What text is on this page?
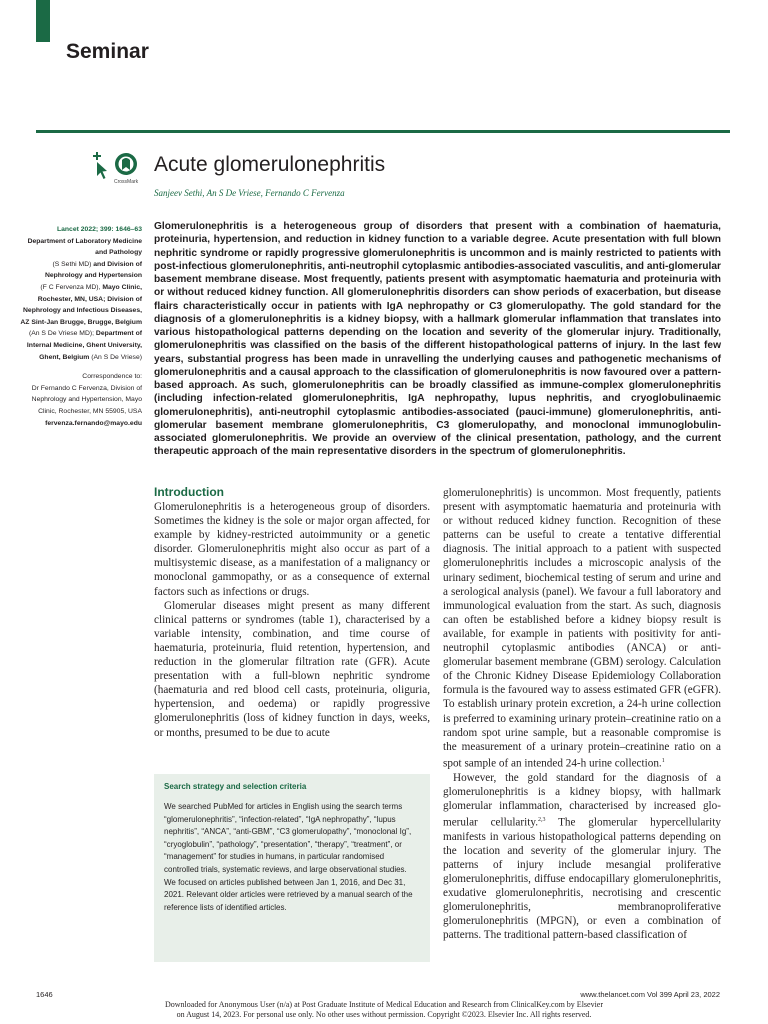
Seminar
CrossMark
Acute glomerulonephritis
Sanjeev Sethi, An S De Vriese, Fernando C Fervenza
Lancet 2022; 399: 1646–63
Department of Laboratory Medicine and Pathology
(S Sethi MD) and Division of Nephrology and Hypertension
(F C Fervenza MD), Mayo Clinic, Rochester, MN, USA; Division of Nephrology and Infectious Diseases, AZ Sint-Jan Brugge, Brugge, Belgium
(An S De Vriese MD); Department of Internal Medicine, Ghent University, Ghent, Belgium (An S De Vriese)
Correspondence to:
Dr Fernando C Fervenza, Division of Nephrology and Hypertension, Mayo Clinic, Rochester, MN 55905, USA
fervenza.fernando@mayo.edu
Glomerulonephritis is a heterogeneous group of disorders that present with a combination of haematuria, proteinuria, hypertension, and reduction in kidney function to a variable degree. Acute presentation with full blown nephritic syndrome or rapidly progressive glomerulonephritis is uncommon and is mainly restricted to patients with post-infectious glomerulonephritis, anti-neutrophil cytoplasmic antibodies-associated vasculitis, and anti-glomerular basement membrane disease. Most frequently, patients present with asymptomatic haematuria and proteinuria with or without reduced kidney function. All glomerulonephritis disorders can show periods of exacerbation, but disease flairs characteristically occur in patients with IgA nephropathy or C3 glomerulopathy. The gold standard for the diagnosis of a glomerulonephritis is a kidney biopsy, with a hallmark glomerular inflammation that translates into various histopathological patterns depending on the location and severity of the glomerular injury. Traditionally, glomerulonephritis was classified on the basis of the different histopathological patterns of injury. In the last few years, substantial progress has been made in unravelling the underlying causes and pathogenetic mechanisms of glomerulonephritis and a causal approach to the classification of glomerulonephritis is now favoured over a pattern-based approach. As such, glomerulonephritis can be broadly classified as immune-complex glomerulonephritis (including infection-related glomerulonephritis, IgA nephropathy, lupus nephritis, and cryoglobulinaemic glomerulonephritis), anti-neutrophil cytoplasmic antibodies-associated (pauci-immune) glomerulonephritis, anti-glomerular basement membrane glomerulonephritis, C3 glomerulopathy, and monoclonal immunoglobulin-associated glomerulonephritis. We provide an overview of the clinical presentation, pathology, and the current therapeutic approach of the main representative disorders in the spectrum of glomerulonephritis.
Introduction

Glomerulonephritis is a heterogeneous group of disorders. Sometimes the kidney is the sole or major organ affected, for example by kidney-restricted autoimmunity or a genetic disorder. Glomerulonephritis might also occur as part of a multisystemic disease, as a manifestation of a malignancy or monoclonal gammopathy, or as a consequence of external factors such as infections or drugs.

Glomerular diseases might present as many different clinical patterns or syndromes (table 1), characterised by a variable intensity, combination, and time course of haematuria, proteinuria, fluid retention, hypertension, and reduction in the glomerular filtration rate (GFR). Acute presentation with a full-blown nephritic syndrome (haematuria and red blood cell casts, proteinuria, oliguria, hypertension, and oedema) or rapidly progressive glomerulonephritis (loss of kidney function in days, weeks, or months, presumed to be due to acute

glomerulonephritis) is uncommon. Most frequently, patients present with asymptomatic haematuria and proteinuria with or without reduced kidney function. Recognition of these patterns can be useful to create a tentative differential diagnosis. The initial approach to a patient with suspected glomerulonephritis includes a microscopic analysis of the urinary sediment, biochemical testing of serum and urine and a serological analysis (panel). We favour a full laboratory and immunological evaluation from the start. As such, diagnosis can often be established before a kidney biopsy result is available, for example in patients with positivity for anti-neutrophil cytoplasmic antibodies (ANCA) or anti-glomerular basement membrane (GBM) serology. Calculation of the Chronic Kidney Disease Epidemiology Collaboration formula is the favoured way to assess estimated GFR (eGFR). To establish urinary protein excretion, a 24-h urine collection is preferred to examining urinary protein–creatinine ratio on a random spot urine sample, but a reasonable compromise is the measurement of a urinary protein–creatinine ratio on a spot sample of an intended 24-h urine collection.$^1$

However, the gold standard for the diagnosis of a glomerulonephritis is a kidney biopsy, with hallmark glomerular inflammation, characterised by increased glomerular cellularity.$^{2,3}$ The glomerular hypercellularity manifests in various histopathological patterns depending on the location and severity of the glomerular injury. The patterns of injury include mesangial proliferative glomerulonephritis, diffuse endocapillary glomerulonephritis, exudative glomerulonephritis, necrotising and crescentic glomerulonephritis, membranoproliferative glomerulonephritis (MPGN), or even a combination of patterns. The traditional pattern-based classification of

Search strategy and selection criteria
We searched PubMed for articles in English using the search terms “glomerulonephritis”, “infection-related”, “IgA nephropathy”, “lupus nephritis”, “ANCA”, “anti-GBM”, “C3 glomerulopathy”, “monoclonal Ig”, “cryoglobulin”, “pathology”, “presentation”, “therapy”, “treatment”, or “management” for studies in humans, in particular randomised controlled trials, systematic reviews, and large observational studies. We focused on articles published between Jan 1, 2016, and Dec 31, 2021. Relevant older articles were retrieved by a manual search of the reference lists of identified articles.
1646	www.thelancet.com Vol 399 April 23, 2022
Downloaded for Anonymous User (n/a) at Post Graduate Institute of Medical Education and Research from ClinicalKey.com by Elsevier
on August 14, 2023. For personal use only. No other uses without permission. Copyright ©2023. Elsevier Inc. All rights reserved.
